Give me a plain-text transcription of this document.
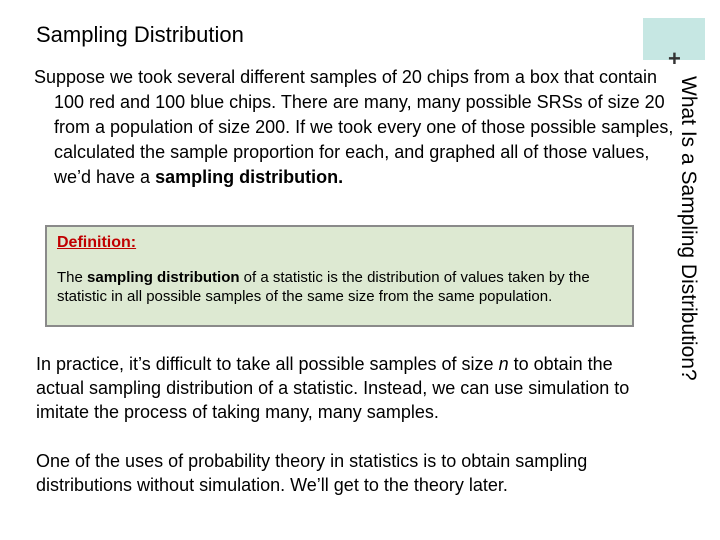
Sampling Distribution
+
What Is a Sampling Distribution?

Suppose we took several different samples of 20 chips from a box that contain 100 red and 100 blue chips. There are many, many possible SRSs of size 20 from a population of size 200. If we took every one of those possible samples, calculated the sample proportion for each, and graphed all of those values, we’d have a sampling distribution.

Definition:

The sampling distribution of a statistic is the distribution of values taken by the statistic in all possible samples of the same size from the same population.

In practice, it’s difficult to take all possible samples of size n to obtain the actual sampling distribution of a statistic. Instead, we can use simulation to imitate the process of taking many, many samples.

One of the uses of probability theory in statistics is to obtain sampling distributions without simulation. We’ll get to the theory later.
